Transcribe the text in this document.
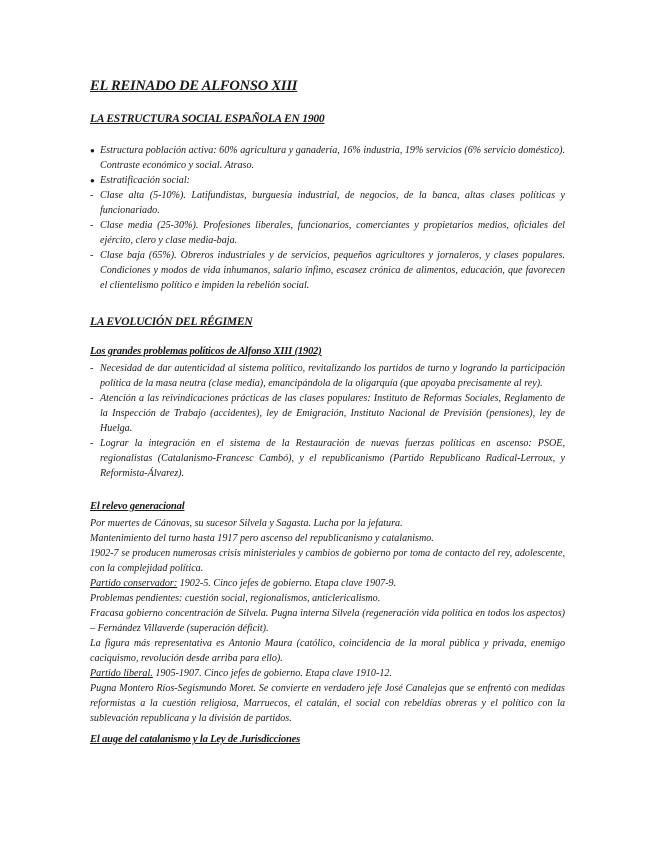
EL REINADO DE ALFONSO XIII
LA ESTRUCTURA SOCIAL ESPAÑOLA EN 1900
● Estructura población activa: 60% agricultura y ganadería, 16% industria, 19% servicios (6% servicio doméstico). Contraste económico y social. Atraso.
● Estratificación social:
- Clase alta (5-10%). Latifundistas, burguesía industrial, de negocios, de la banca, altas clases políticas y funcionariado.
- Clase media (25-30%). Profesiones liberales, funcionarios, comerciantes y propietarios medios, oficiales del ejército, clero y clase media-baja.
- Clase baja (65%). Obreros industriales y de servicios, pequeños agricultores y jornaleros, y clases populares. Condiciones y modos de vida inhumanos, salario ínfimo, escasez crónica de alimentos, educación, que favorecen el clientelismo político e impiden la rebelión social.
LA EVOLUCIÓN DEL RÉGIMEN
Los grandes problemas políticos de Alfonso XIII (1902)
- Necesidad de dar autenticidad al sistema político, revitalizando los partidos de turno y logrando la participación política de la masa neutra (clase media), emancipándola de la oligarquía (que apoyaba precisamente al rey).
- Atención a las reivindicaciones prácticas de las clases populares: Instituto de Reformas Sociales, Reglamento de la Inspección de Trabajo (accidentes), ley de Emigración, Instituto Nacional de Previsión (pensiones), ley de Huelga.
- Lograr la integración en el sistema de la Restauración de nuevas fuerzas políticas en ascenso: PSOE, regionalistas (Catalanismo-Francesc Cambó), y el republicanismo (Partido Republicano Radical-Lerroux, y Reformista-Álvarez).
El relevo generacional
Por muertes de Cánovas, su sucesor Silvela y Sagasta. Lucha por la jefatura.
Mantenimiento del turno hasta 1917 pero ascenso del republicanismo y catalanismo.
1902-7 se producen numerosas crisis ministeriales y cambios de gobierno por toma de contacto del rey, adolescente, con la complejidad política.
Partido conservador: 1902-5. Cinco jefes de gobierno. Etapa clave 1907-9.
Problemas pendientes: cuestión social, regionalismos, anticlericalismo.
Fracasa gobierno concentración de Silvela. Pugna interna Silvela (regeneración vida política en todos los aspectos) – Fernández Villaverde (superación déficit).
La figura más representativa es Antonio Maura (católico, coincidencia de la moral pública y privada, enemigo caciquismo, revolución desde arriba para ello).
Partido liberal. 1905-1907. Cinco jefes de gobierno. Etapa clave 1910-12.
Pugna Montero Ríos-Segismundo Moret. Se convierte en verdadero jefe José Canalejas que se enfrentó con medidas reformistas a la cuestión religiosa, Marruecos, el catalán, el social con rebeldías obreras y el político con la sublevación republicana y la división de partidos.
El auge del catalanismo y la Ley de Jurisdicciones
